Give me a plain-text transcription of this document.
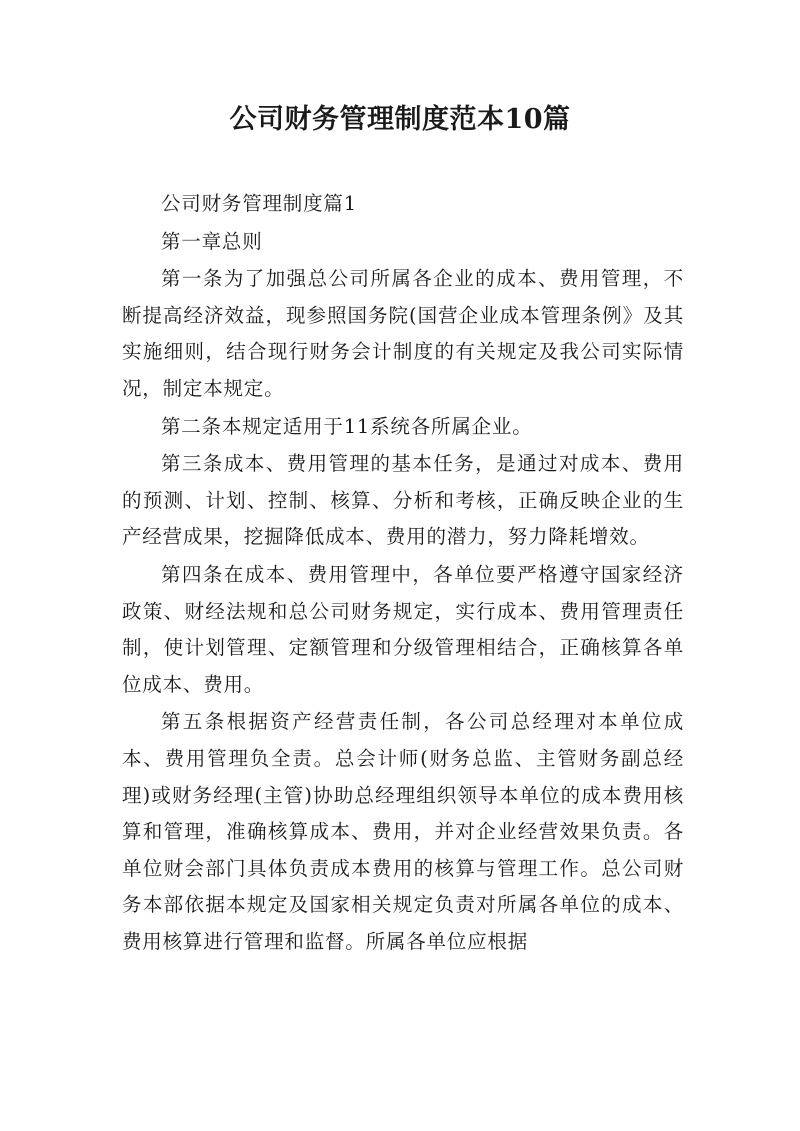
公司财务管理制度范本10篇

公司财务管理制度篇1

第一章总则

第一条为了加强总公司所属各企业的成本、费用管理，不断提高经济效益，现参照国务院(国营企业成本管理条例》及其实施细则，结合现行财务会计制度的有关规定及我公司实际情况，制定本规定。

第二条本规定适用于11系统各所属企业。

第三条成本、费用管理的基本任务，是通过对成本、费用的预测、计划、控制、核算、分析和考核，正确反映企业的生产经营成果，挖掘降低成本、费用的潜力，努力降耗增效。

第四条在成本、费用管理中，各单位要严格遵守国家经济政策、财经法规和总公司财务规定，实行成本、费用管理责任制，使计划管理、定额管理和分级管理相结合，正确核算各单位成本、费用。

第五条根据资产经营责任制，各公司总经理对本单位成本、费用管理负全责。总会计师(财务总监、主管财务副总经理)或财务经理(主管)协助总经理组织领导本单位的成本费用核算和管理，准确核算成本、费用，并对企业经营效果负责。各单位财会部门具体负责成本费用的核算与管理工作。总公司财务本部依据本规定及国家相关规定负责对所属各单位的成本、费用核算进行管理和监督。所属各单位应根据
